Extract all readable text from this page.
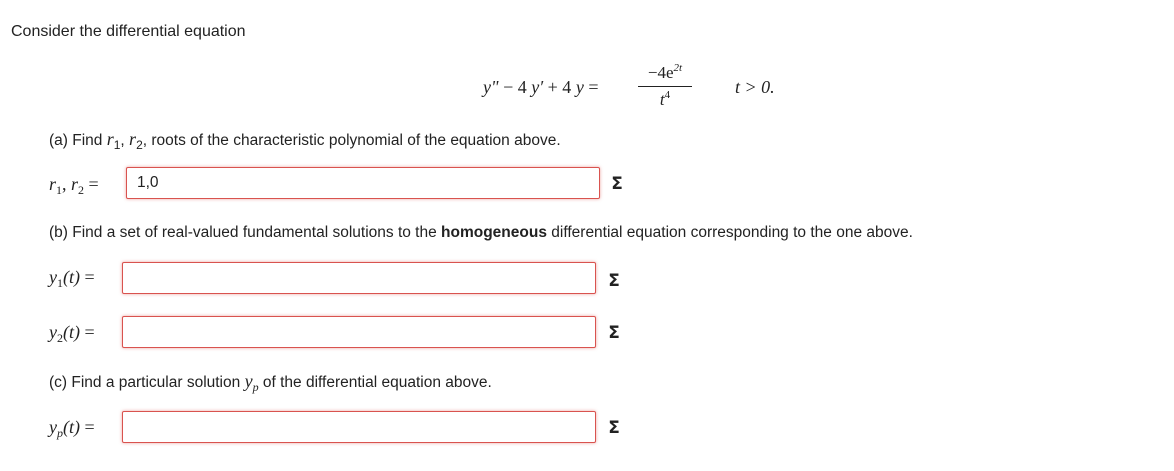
Consider the differential equation
y" − 4 y′ + 4 y =
$-4e^{2t}$
$t^4$	t > 0.
(a) Find $r_1$, $r_2$, roots of the characteristic polynomial of the equation above.
$r_1$, $r_2$ =
1,0	Σ
(b) Find a set of real-valued fundamental solutions to the homogeneous differential equation corresponding to the one above.
$y_1(t)$ =	Σ
$y_2(t)$ =	Σ
(c) Find a particular solution $y_p$ of the differential equation above.
$y_p(t)$ =	Σ
